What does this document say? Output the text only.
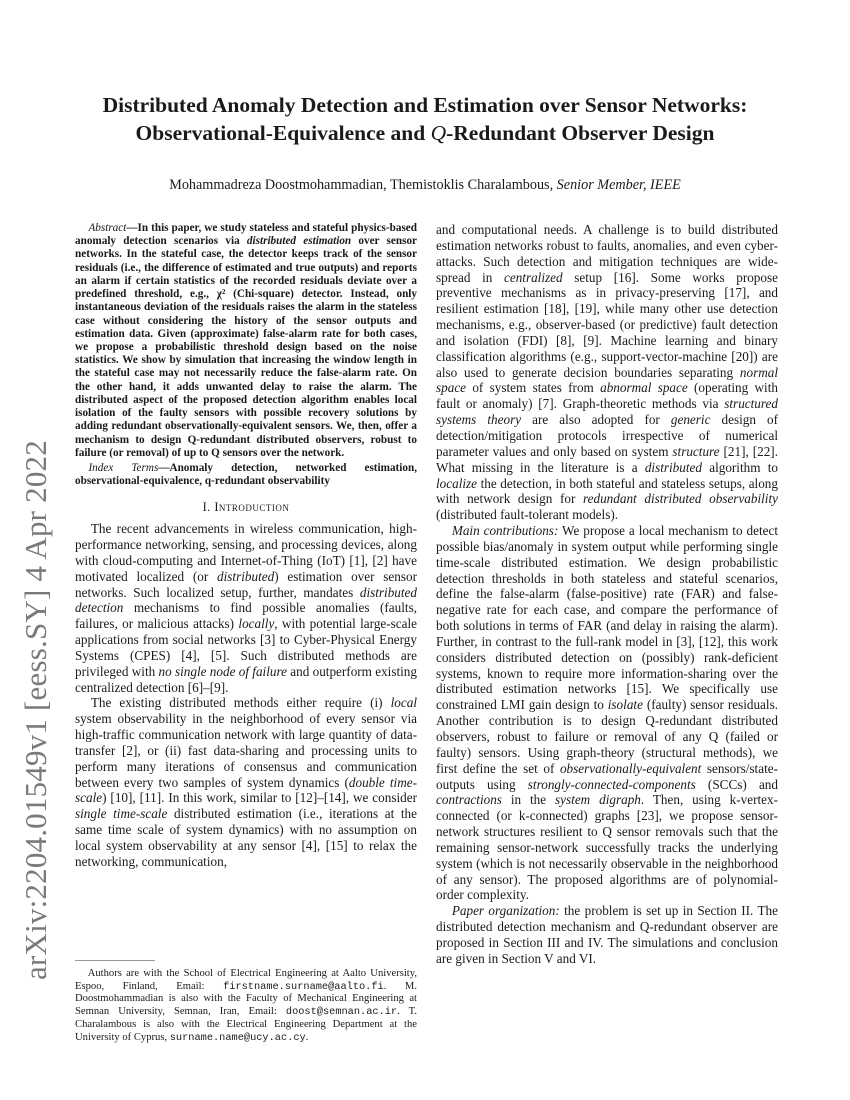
arXiv:2204.01549v1 [eess.SY] 4 Apr 2022
Distributed Anomaly Detection and Estimation over Sensor Networks:
Observational-Equivalence and Q-Redundant Observer Design
Mohammadreza Doostmohammadian, Themistoklis Charalambous, Senior Member, IEEE

Abstract—In this paper, we study stateless and stateful physics-based anomaly detection scenarios via distributed estimation over sensor networks. In the stateful case, the detector keeps track of the sensor residuals (i.e., the difference of estimated and true outputs) and reports an alarm if certain statistics of the recorded residuals deviate over a predefined threshold, e.g., χ² (Chi-square) detector. Instead, only instantaneous deviation of the residuals raises the alarm in the stateless case without considering the history of the sensor outputs and estimation data. Given (approximate) false-alarm rate for both cases, we propose a probabilistic threshold design based on the noise statistics. We show by simulation that increasing the window length in the stateful case may not necessarily reduce the false-alarm rate. On the other hand, it adds unwanted delay to raise the alarm. The distributed aspect of the proposed detection algorithm enables local isolation of the faulty sensors with possible recovery solutions by adding redundant observationally-equivalent sensors. We, then, offer a mechanism to design Q-redundant distributed observers, robust to failure (or removal) of up to Q sensors over the network.

Index Terms—Anomaly detection, networked estimation, observational-equivalence, q-redundant observability

I. Introduction

The recent advancements in wireless communication, high-performance networking, sensing, and processing devices, along with cloud-computing and Internet-of-Thing (IoT) [1], [2] have motivated localized (or distributed) estimation over sensor networks. Such localized setup, further, mandates distributed detection mechanisms to find possible anomalies (faults, failures, or malicious attacks) locally, with potential large-scale applications from social networks [3] to Cyber-Physical Energy Systems (CPES) [4], [5]. Such distributed methods are privileged with no single node of failure and outperform existing centralized detection [6]–[9].

The existing distributed methods either require (i) local system observability in the neighborhood of every sensor via high-traffic communication network with large quantity of data-transfer [2], or (ii) fast data-sharing and processing units to perform many iterations of consensus and communication between every two samples of system dynamics (double time-scale) [10], [11]. In this work, similar to [12]–[14], we consider single time-scale distributed estimation (i.e., iterations at the same time scale of system dynamics) with no assumption on local system observability at any sensor [4], [15] to relax the networking, communication,

Authors are with the School of Electrical Engineering at Aalto University, Espoo, Finland, Email: firstname.surname@aalto.fi. M. Doostmohammadian is also with the Faculty of Mechanical Engineering at Semnan University, Semnan, Iran, Email: doost@semnan.ac.ir. T. Charalambous is also with the Electrical Engineering Department at the University of Cyprus, surname.name@ucy.ac.cy.

and computational needs. A challenge is to build distributed estimation networks robust to faults, anomalies, and even cyber-attacks. Such detection and mitigation techniques are wide-spread in centralized setup [16]. Some works propose preventive mechanisms as in privacy-preserving [17], and resilient estimation [18], [19], while many other use detection mechanisms, e.g., observer-based (or predictive) fault detection and isolation (FDI) [8], [9]. Machine learning and binary classification algorithms (e.g., support-vector-machine [20]) are also used to generate decision boundaries separating normal space of system states from abnormal space (operating with fault or anomaly) [7]. Graph-theoretic methods via structured systems theory are also adopted for generic design of detection/mitigation protocols irrespective of numerical parameter values and only based on system structure [21], [22]. What missing in the literature is a distributed algorithm to localize the detection, in both stateful and stateless setups, along with network design for redundant distributed observability (distributed fault-tolerant models).

Main contributions: We propose a local mechanism to detect possible bias/anomaly in system output while performing single time-scale distributed estimation. We design probabilistic detection thresholds in both stateless and stateful scenarios, define the false-alarm (false-positive) rate (FAR) and false-negative rate for each case, and compare the performance of both solutions in terms of FAR (and delay in raising the alarm). Further, in contrast to the full-rank model in [3], [12], this work considers distributed detection on (possibly) rank-deficient systems, known to require more information-sharing over the distributed estimation networks [15]. We specifically use constrained LMI gain design to isolate (faulty) sensor residuals. Another contribution is to design Q-redundant distributed observers, robust to failure or removal of any Q (failed or faulty) sensors. Using graph-theory (structural methods), we first define the set of observationally-equivalent sensors/state-outputs using strongly-connected-components (SCCs) and contractions in the system digraph. Then, using k-vertex-connected (or k-connected) graphs [23], we propose sensor-network structures resilient to Q sensor removals such that the remaining sensor-network successfully tracks the underlying system (which is not necessarily observable in the neighborhood of any sensor). The proposed algorithms are of polynomial-order complexity.

Paper organization: the problem is set up in Section II. The distributed detection mechanism and Q-redundant observer are proposed in Section III and IV. The simulations and conclusion are given in Section V and VI.
